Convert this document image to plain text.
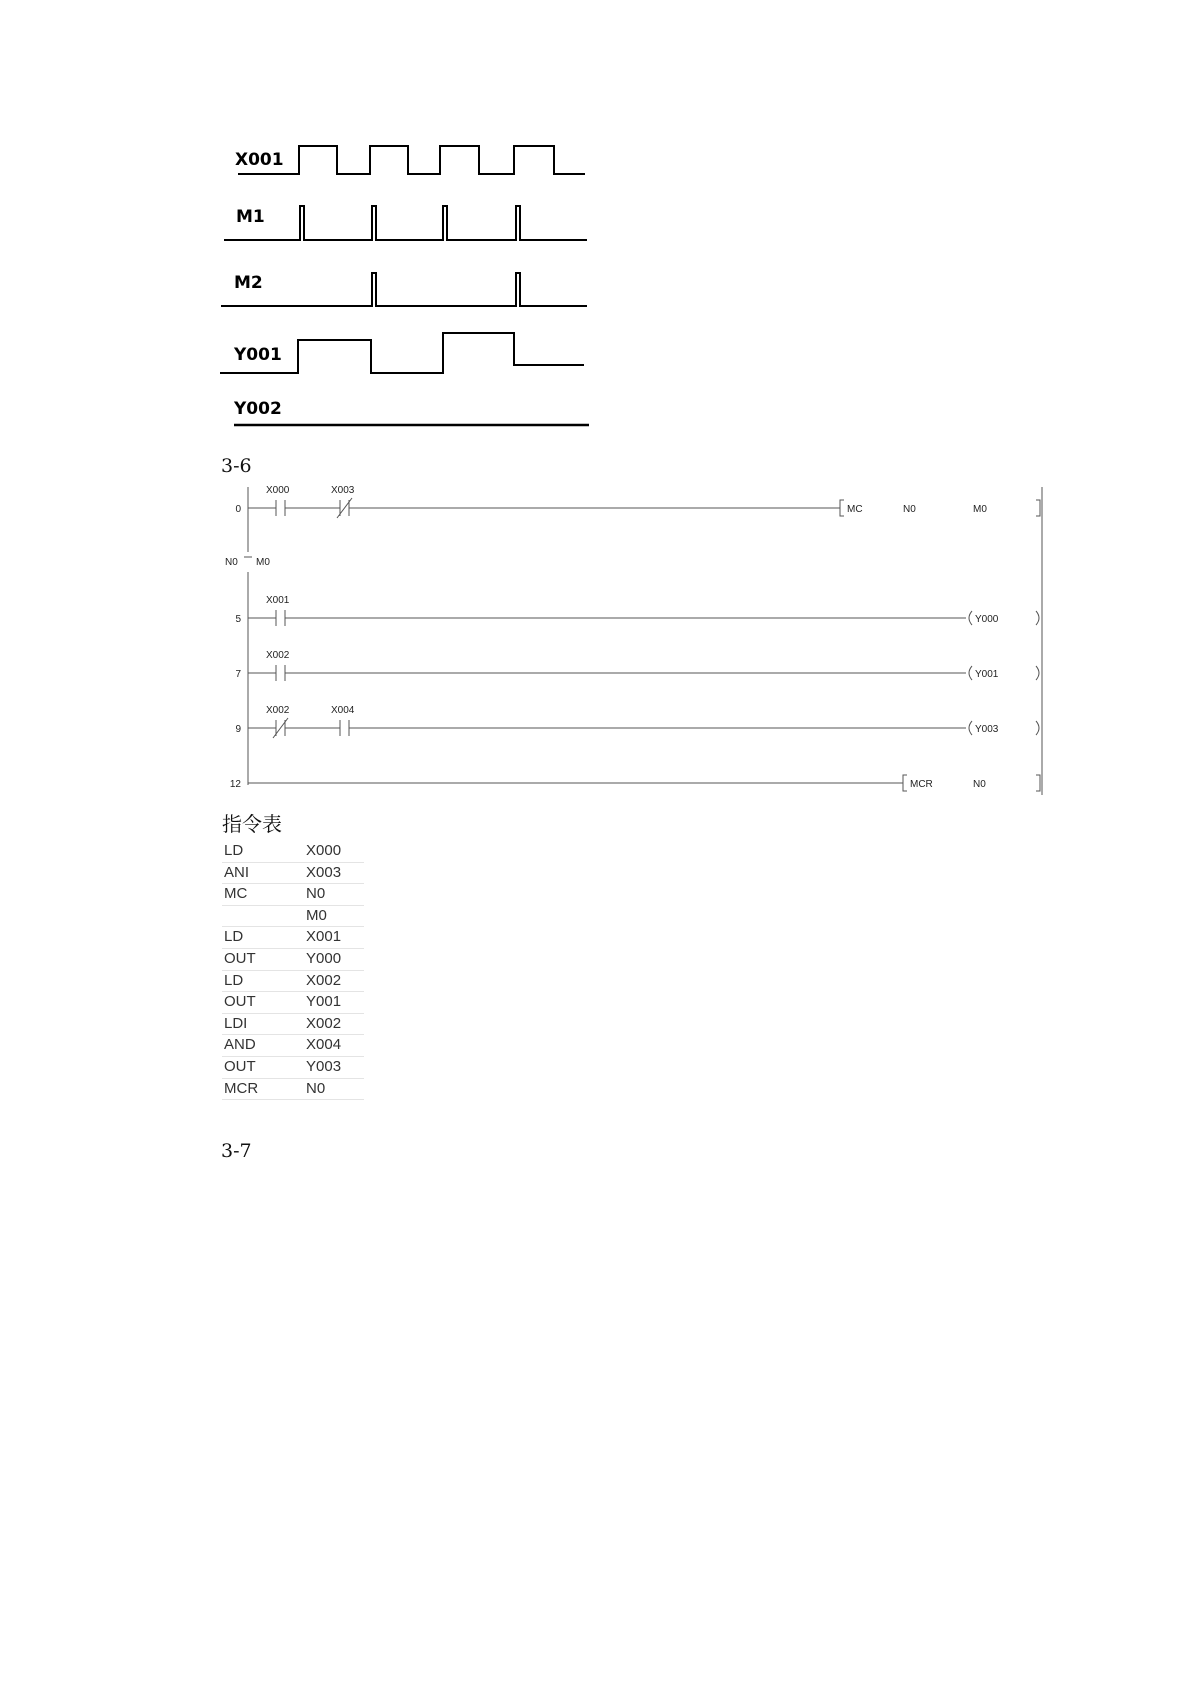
X001
M1
M2
Y001
Y002
3-6
0
5
7
9
12
X000	X003
X001
X002
X002	X004
N0 M0
MC	N0	M0
Y000
Y001
Y003
MCR	N0
指令表
LD	X000
ANI	X003
MC	N0
	M0
LD	X001
OUT	Y000
LD	X002
OUT	Y001
LDI	X002
AND	X004
OUT	Y003
MCR	N0
3-7
